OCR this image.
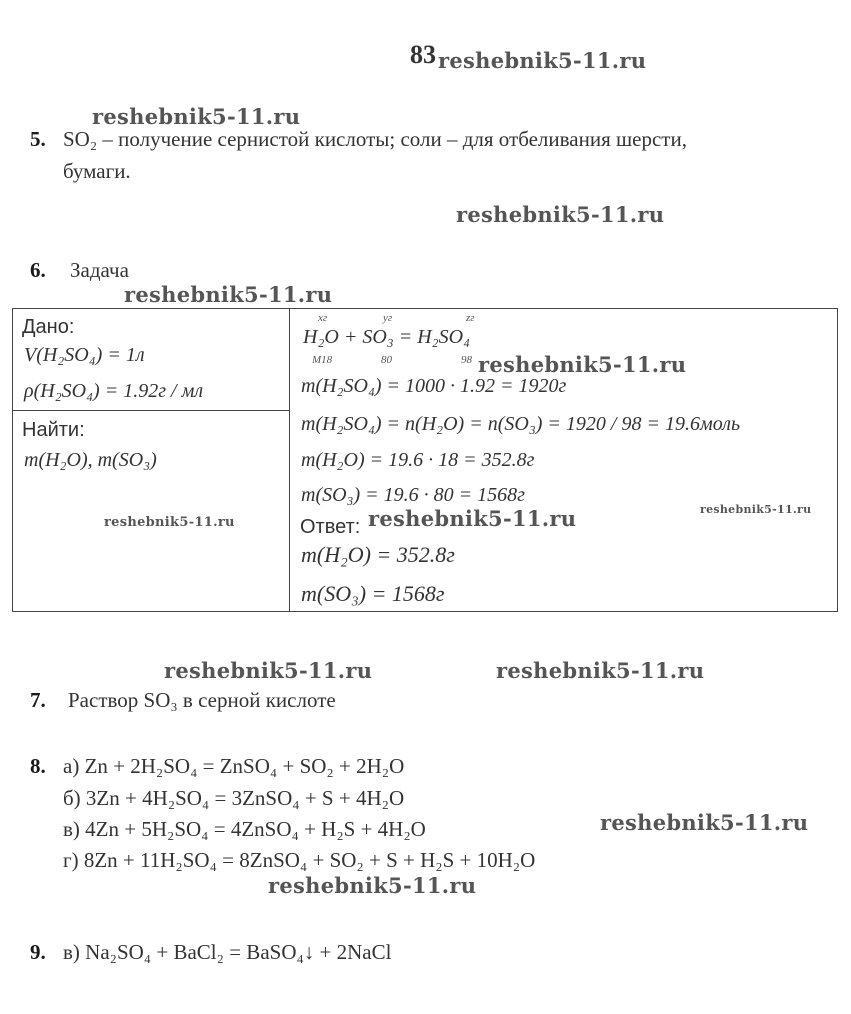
83 reshebnik5-11.ru
reshebnik5-11.ru
reshebnik5-11.ru
reshebnik5-11.ru
reshebnik5-11.ru
reshebnik5-11.ru	reshebnik5-11.ru	reshebnik5-11.ru
reshebnik5-11.ru	reshebnik5-11.ru
reshebnik5-11.ru
reshebnik5-11.ru
5. SO₂ – получение сернистой кислоты; соли – для отбеливания шерсти,
бумаги.
6. Задача
Дано:
V(H₂SO₄) = 1л
ρ(H₂SO₄) = 1.92г / мл
Найти:
m(H₂O), m(SO₃)
xг	yг	zг
H₂O + SO₃ = H₂SO₄
M18	80	98
m(H₂SO₄) = 1000 · 1.92 = 1920г
m(H₂SO₄) = n(H₂O) = n(SO₃) = 1920 / 98 = 19.6моль
m(H₂O) = 19.6 · 18 = 352.8г
m(SO₃) = 19.6 · 80 = 1568г
Ответ:
m(H₂O) = 352.8г
m(SO₃) = 1568г
7. Раствор SO₃ в серной кислоте
8. а) Zn + 2H₂SO₄ = ZnSO₄ + SO₂ + 2H₂O
б) 3Zn + 4H₂SO₄ = 3ZnSO₄ + S + 4H₂O
в) 4Zn + 5H₂SO₄ = 4ZnSO₄ + H₂S + 4H₂O
г) 8Zn + 11H₂SO₄ = 8ZnSO₄ + SO₂ + S + H₂S + 10H₂O
9. в) Na₂SO₄ + BaCl₂ = BaSO₄↓ + 2NaCl
